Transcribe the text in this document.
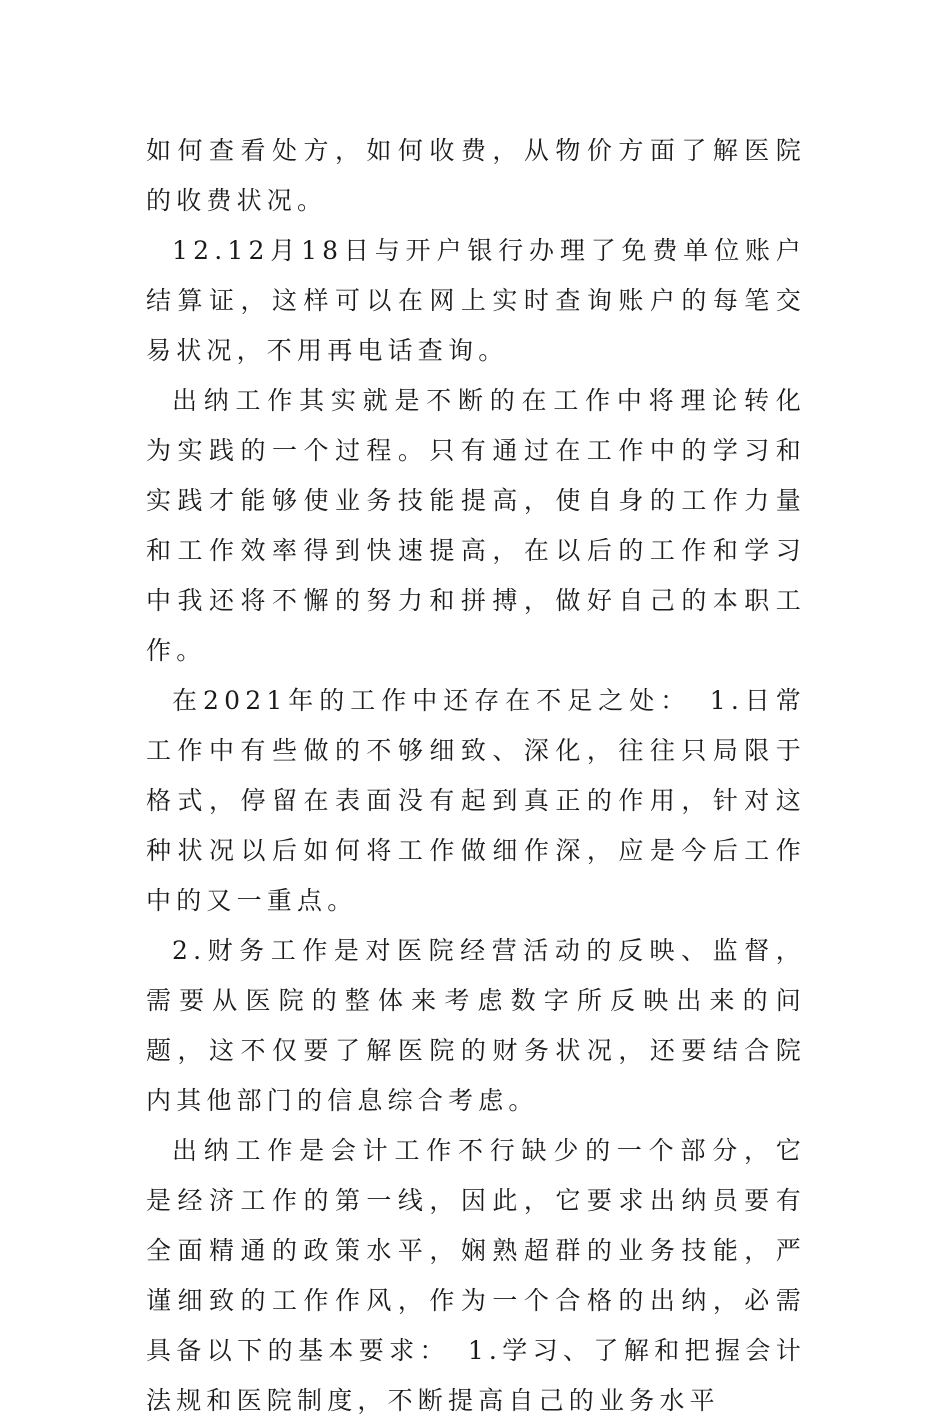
如何查看处方，如何收费，从物价方面了解医院的收费状况。

12.12月18日与开户银行办理了免费单位账户结算证，这样可以在网上实时查询账户的每笔交易状况，不用再电话查询。

出纳工作其实就是不断的在工作中将理论转化为实践的一个过程。只有通过在工作中的学习和实践才能够使业务技能提高，使自身的工作力量和工作效率得到快速提高，在以后的工作和学习中我还将不懈的努力和拼搏，做好自己的本职工作。

在2021年的工作中还存在不足之处：　1.日常工作中有些做的不够细致、深化，往往只局限于格式，停留在表面没有起到真正的作用，针对这种状况以后如何将工作做细作深，应是今后工作中的又一重点。

2.财务工作是对医院经营活动的反映、监督，需要从医院的整体来考虑数字所反映出来的问题，这不仅要了解医院的财务状况，还要结合院内其他部门的信息综合考虑。

出纳工作是会计工作不行缺少的一个部分，它是经济工作的第一线，因此，它要求出纳员要有全面精通的政策水平，娴熟超群的业务技能，严谨细致的工作作风，作为一个合格的出纳，必需具备以下的基本要求：　1.学习、了解和把握会计法规和医院制度，不断提高自己的业务水平
